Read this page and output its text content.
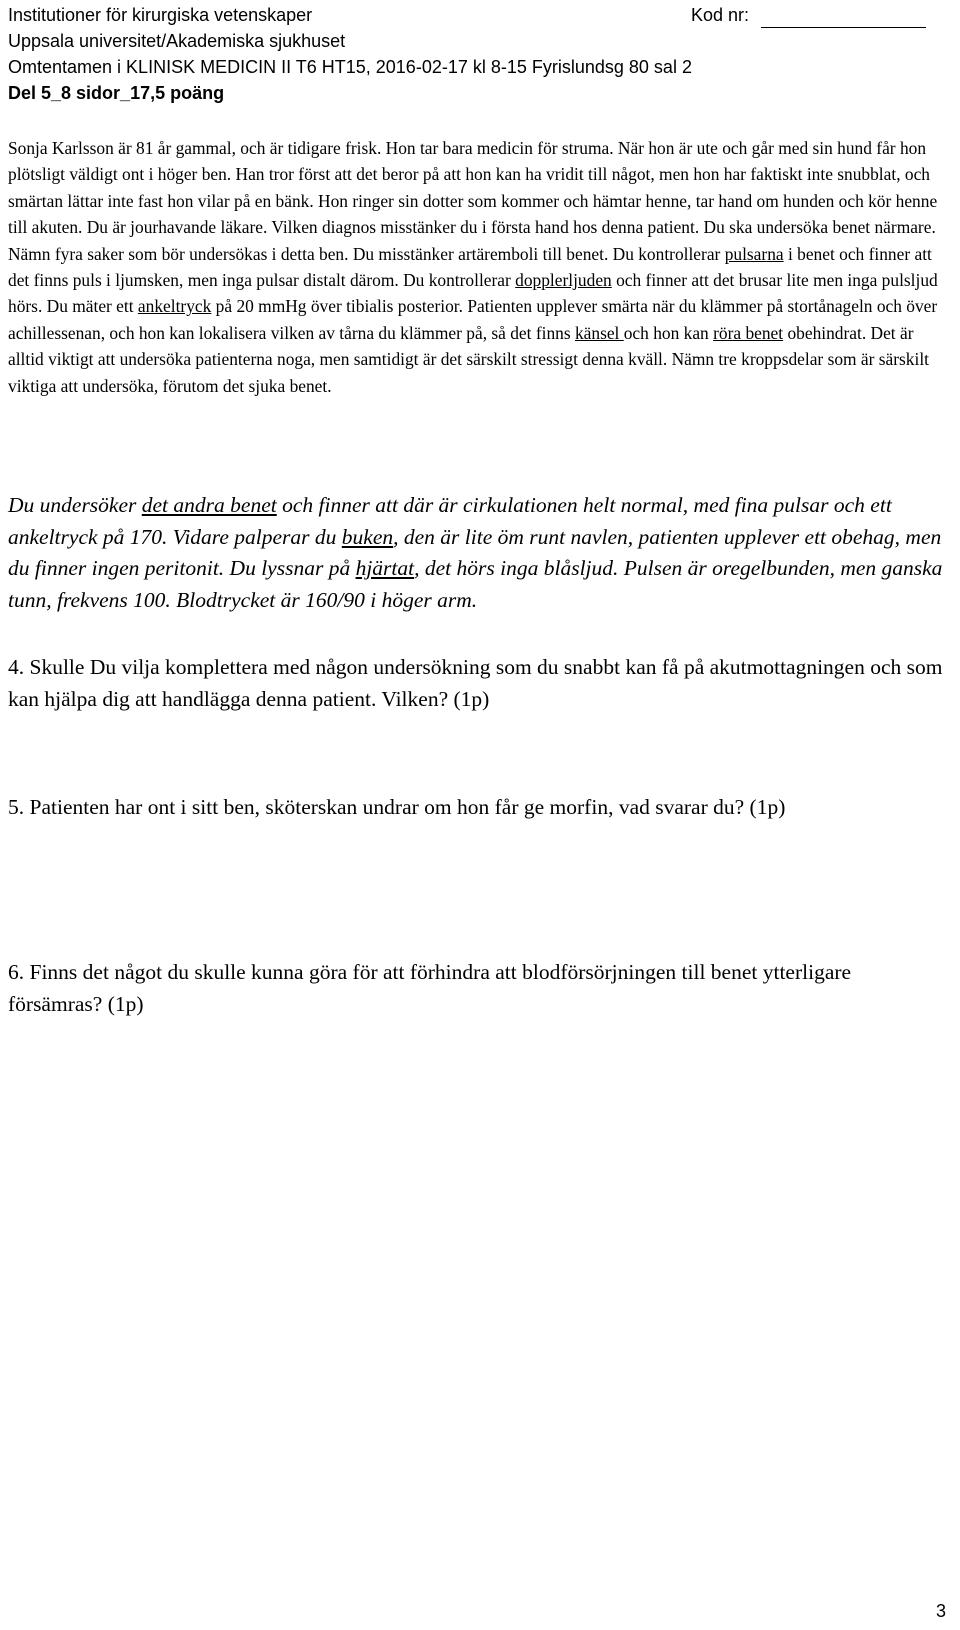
Institutioner för kirurgiska vetenskaper
Uppsala universitet/Akademiska sjukhuset
Omtentamen i KLINISK MEDICIN II T6 HT15, 2016-02-17 kl 8-15 Fyrislundsg 80 sal 2
Del 5_8 sidor_17,5 poäng
Kod nr:

Sonja Karlsson är 81 år gammal, och är tidigare frisk. Hon tar bara medicin för struma. När hon är ute och går med sin hund får hon plötsligt väldigt ont i höger ben. Han tror först att det beror på att hon kan ha vridit till något, men hon har faktiskt inte snubblat, och smärtan lättar inte fast hon vilar på en bänk. Hon ringer sin dotter som kommer och hämtar henne, tar hand om hunden och kör henne till akuten. Du är jourhavande läkare. Vilken diagnos misstänker du i första hand hos denna patient. Du ska undersöka benet närmare. Nämn fyra saker som bör undersökas i detta ben. Du misstänker artäremboli till benet. Du kontrollerar pulsarna i benet och finner att det finns puls i ljumsken, men inga pulsar distalt därom. Du kontrollerar dopplerljuden och finner att det brusar lite men inga pulsljud hörs. Du mäter ett ankeltryck på 20 mmHg över tibialis posterior. Patienten upplever smärta när du klämmer på stortånageln och över achillessenan, och hon kan lokalisera vilken av tårna du klämmer på, så det finns känsel och hon kan röra benet obehindrat. Det är alltid viktigt att undersöka patienterna noga, men samtidigt är det särskilt stressigt denna kväll. Nämn tre kroppsdelar som är särskilt viktiga att undersöka, förutom det sjuka benet.

Du undersöker det andra benet och finner att där är cirkulationen helt normal, med fina pulsar och ett ankeltryck på 170. Vidare palperar du buken, den är lite öm runt navlen, patienten upplever ett obehag, men du finner ingen peritonit. Du lyssnar på hjärtat, det hörs inga blåsljud. Pulsen är oregelbunden, men ganska tunn, frekvens 100. Blodtrycket är 160/90 i höger arm.

4. Skulle Du vilja komplettera med någon undersökning som du snabbt kan få på akutmottagningen och som kan hjälpa dig att handlägga denna patient. Vilken? (1p)

5. Patienten har ont i sitt ben, sköterskan undrar om hon får ge morfin, vad svarar du? (1p)

6. Finns det något du skulle kunna göra för att förhindra att blodförsörjningen till benet ytterligare försämras? (1p)

3
